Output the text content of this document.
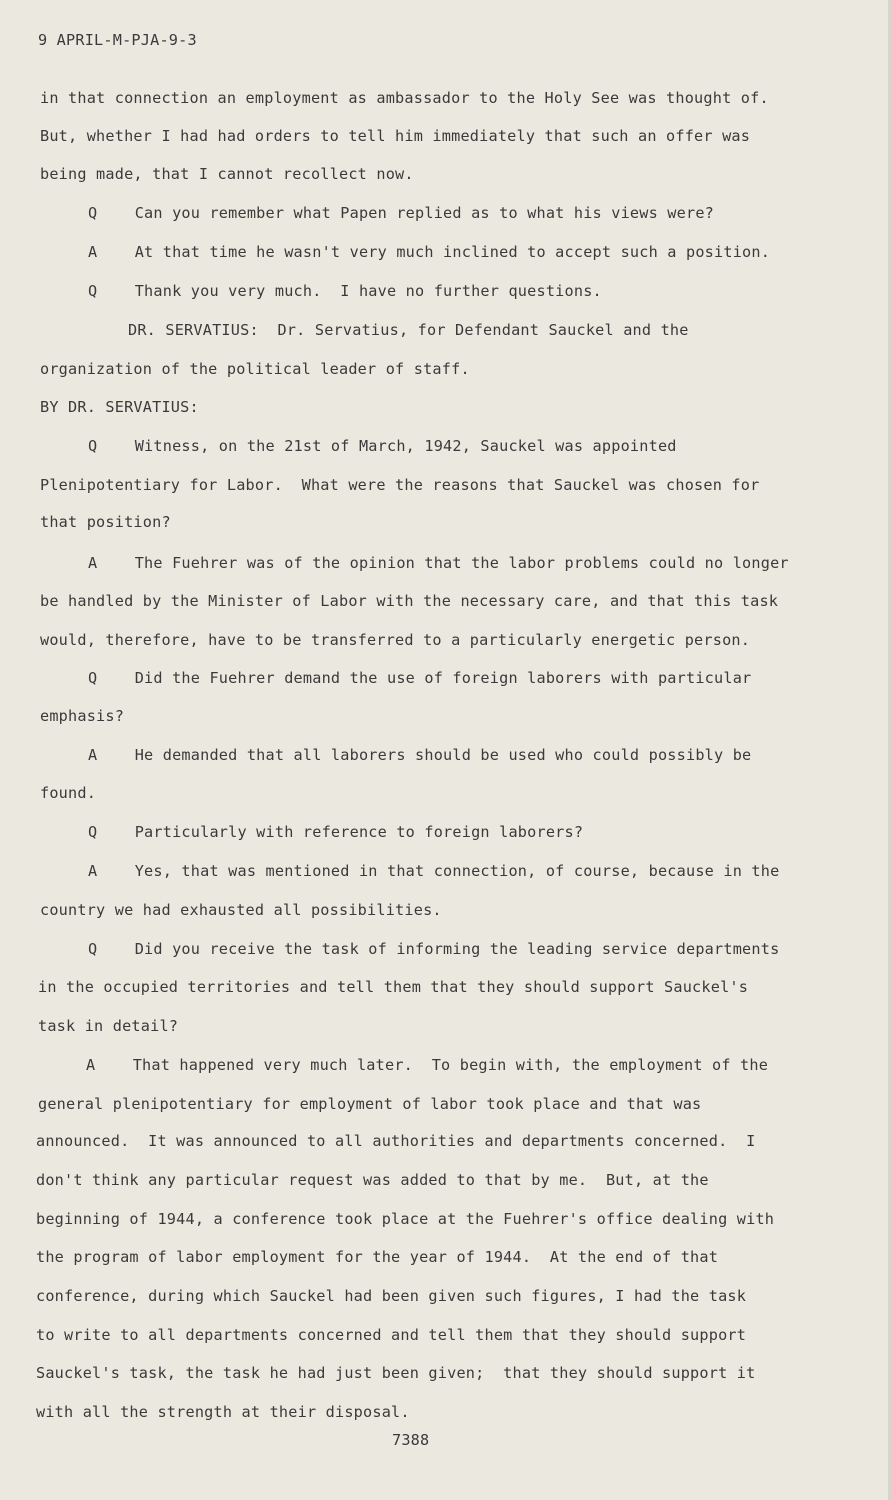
9 APRIL-M-PJA-9-3
in that connection an employment as ambassador to the Holy See was thought of.
But, whether I had had orders to tell him immediately that such an offer was
being made, that I cannot recollect now.
Q    Can you remember what Papen replied as to what his views were?
A    At that time he wasn't very much inclined to accept such a position.
Q    Thank you very much.  I have no further questions.
DR. SERVATIUS:  Dr. Servatius, for Defendant Sauckel and the
organization of the political leader of staff.
BY DR. SERVATIUS:
Q    Witness, on the 21st of March, 1942, Sauckel was appointed
Plenipotentiary for Labor.  What were the reasons that Sauckel was chosen for
that position?
A    The Fuehrer was of the opinion that the labor problems could no longer
be handled by the Minister of Labor with the necessary care, and that this task
would, therefore, have to be transferred to a particularly energetic person.
Q    Did the Fuehrer demand the use of foreign laborers with particular
emphasis?
A    He demanded that all laborers should be used who could possibly be
found.
Q    Particularly with reference to foreign laborers?
A    Yes, that was mentioned in that connection, of course, because in the
country we had exhausted all possibilities.
Q    Did you receive the task of informing the leading service departments
in the occupied territories and tell them that they should support Sauckel's
task in detail?
A    That happened very much later.  To begin with, the employment of the
general plenipotentiary for employment of labor took place and that was
announced.  It was announced to all authorities and departments concerned.  I
don't think any particular request was added to that by me.  But, at the
beginning of 1944, a conference took place at the Fuehrer's office dealing with
the program of labor employment for the year of 1944.  At the end of that
conference, during which Sauckel had been given such figures, I had the task
to write to all departments concerned and tell them that they should support
Sauckel's task, the task he had just been given;  that they should support it
with all the strength at their disposal.
7388
